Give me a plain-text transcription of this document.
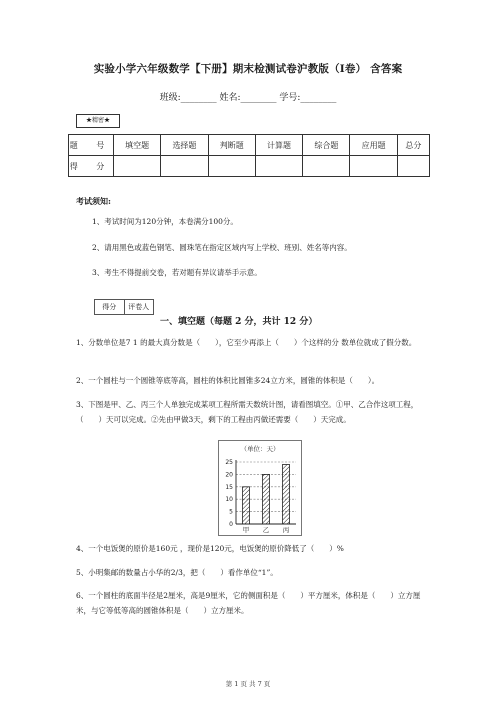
实验小学六年级数学【下册】期末检测试卷沪教版（I卷） 含答案
班级:________ 姓名:________ 学号:________
★精密★
题 号	填空题	选择题	判断题	计算题	综合题	应用题	总分
得 分							
考试须知:
1、考试时间为120分钟，本卷满分100分。
2、请用黑色或蓝色钢笔、圆珠笔在指定区域内写上学校、班别、姓名等内容。
3、考生不得提前交卷，若对题有异议请举手示意。
得分	评卷人
一、填空题（每题 2 分，共计 12 分）
1、分数单位是7 1 的最大真分数是（　　），它至少再添上（　　）个这样的分 数单位就成了假分数。
2、一个圆柱与一个圆锥等底等高，圆柱的体积比圆锥多24立方米，圆锥的体积是（　　）。
3、下图是甲、乙、丙三个人单独完成某项工程所需天数统计图，请看图填空。①甲、乙合作这项工程，（　　）天可以完成。②先由甲做3天，剩下的工程由丙做还需要（　　）天完成。
（单位：天）
0
5
10
15
20
25
甲 乙 丙
4、一个电饭煲的原价是160元 ，现价是120元，电饭煲的原价降低了（　　）%
5、小明集邮的数量占小华的2/3，把（　　）看作单位“1”。
6、一个圆柱的底面半径是2厘米，高是9厘米，它的侧面积是（　　）平方厘米，体积是（　　）立方厘米，与它等低等高的圆锥体积是（　　）立方厘米。
第 1 页 共 7 页
